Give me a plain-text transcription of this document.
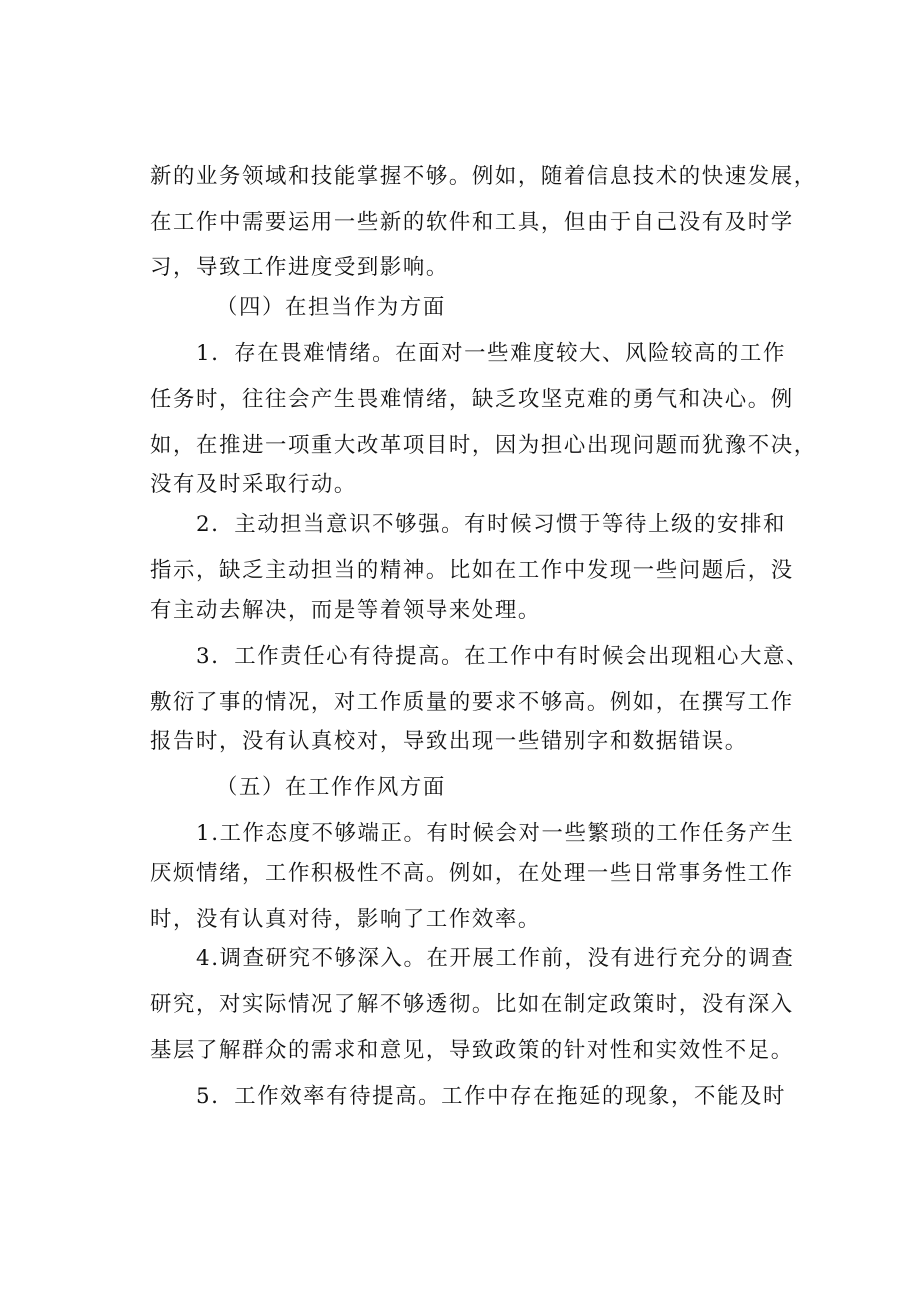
新的业务领域和技能掌握不够。例如，随着信息技术的快速发展，
在工作中需要运用一些新的软件和工具，但由于自己没有及时学
习，导致工作进度受到影响。
（四）在担当作为方面
1．存在畏难情绪。在面对一些难度较大、风险较高的工作
任务时，往往会产生畏难情绪，缺乏攻坚克难的勇气和决心。例
如，在推进一项重大改革项目时，因为担心出现问题而犹豫不决，
没有及时采取行动。
2．主动担当意识不够强。有时候习惯于等待上级的安排和
指示，缺乏主动担当的精神。比如在工作中发现一些问题后，没
有主动去解决，而是等着领导来处理。
3．工作责任心有待提高。在工作中有时候会出现粗心大意、
敷衍了事的情况，对工作质量的要求不够高。例如，在撰写工作
报告时，没有认真校对，导致出现一些错别字和数据错误。
（五）在工作作风方面
1.工作态度不够端正。有时候会对一些繁琐的工作任务产生
厌烦情绪，工作积极性不高。例如，在处理一些日常事务性工作
时，没有认真对待，影响了工作效率。
4.调查研究不够深入。在开展工作前，没有进行充分的调查
研究，对实际情况了解不够透彻。比如在制定政策时，没有深入
基层了解群众的需求和意见，导致政策的针对性和实效性不足。
5．工作效率有待提高。工作中存在拖延的现象，不能及时
